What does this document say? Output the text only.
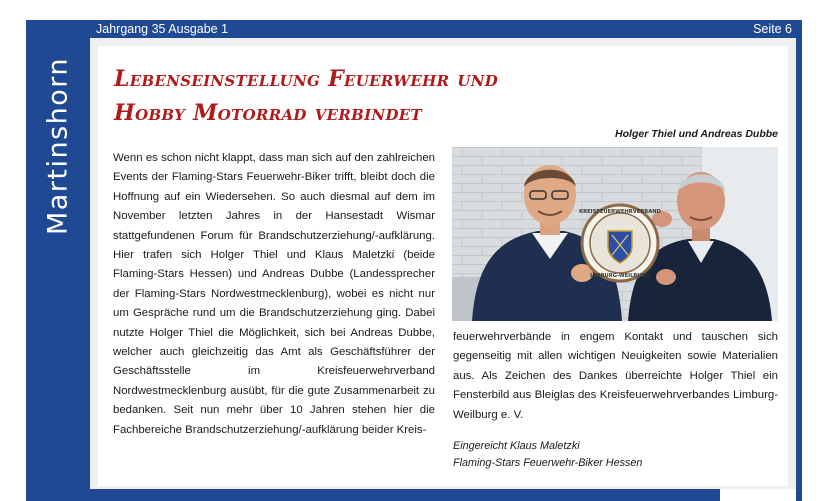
Martinshorn
Jahrgang 35 Ausgabe 1	Seite 6
Lebenseinstellung Feuerwehr und
Hobby Motorrad verbindet

Wenn es schon nicht klappt, dass man sich auf den zahlreichen Events der Flaming-Stars Feuerwehr-Biker trifft, bleibt doch die Hoffnung auf ein Wiedersehen. So auch diesmal auf dem im November letzten Jahres in der Hansestadt Wismar stattgefundenen Forum für Brandschutzerziehung/-aufklärung. Hier trafen sich Holger Thiel und Klaus Maletzki (beide Flaming-Stars Hessen) und Andreas Dubbe (Landessprecher der Flaming-Stars Nordwestmecklenburg), wobei es nicht nur um Gespräche rund um die Brandschutzerziehung ging. Dabei nutzte Holger Thiel die Möglichkeit, sich bei Andreas Dubbe, welcher auch gleichzeitig das Amt als Geschäftsführer der Geschäftsstelle im Kreisfeuerwehrverband Nordwestmecklenburg ausübt, für die gute Zusammenarbeit zu bedanken. Seit nun mehr über 10 Jahren stehen hier die Fachbereiche Brandschutzerziehung/-aufklärung beider Kreis-

Holger Thiel und Andreas Dubbe
KREISFEUERWEHRVERBAND
LIMBURG-WEILBURG

feuerwehrverbände in engem Kontakt und tauschen sich gegenseitig mit allen wichtigen Neuigkeiten sowie Materialien aus. Als Zeichen des Dankes überreichte Holger Thiel ein Fensterbild aus Bleiglas des Kreisfeuerwehrverbandes Limburg-Weilburg e. V.

Eingereicht Klaus Maletzki
Flaming-Stars Feuerwehr-Biker Hessen
